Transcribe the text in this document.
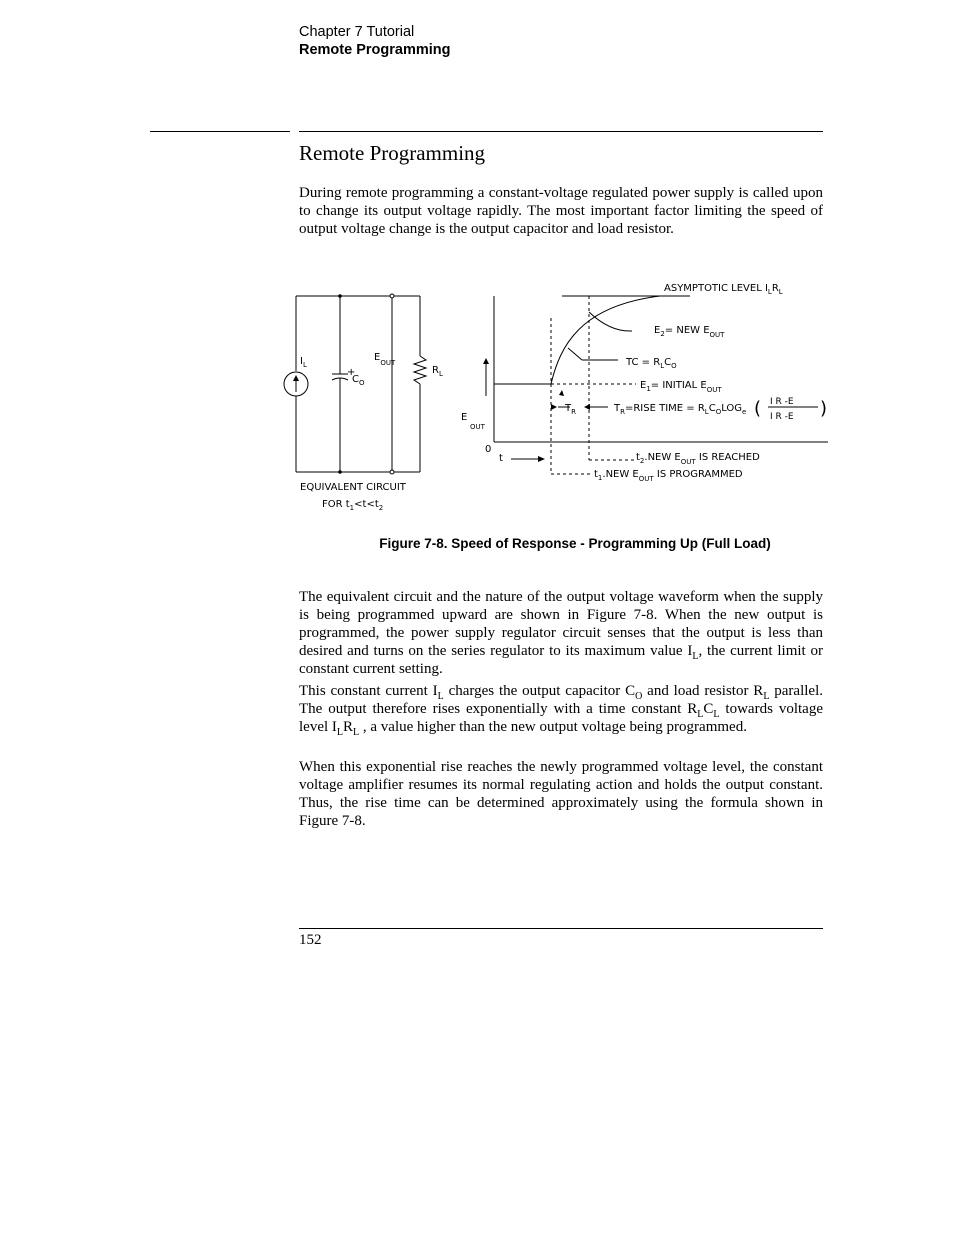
Chapter 7 Tutorial
Remote Programming
Remote Programming
During remote programming a constant-voltage regulated power supply is called upon to change its output voltage rapidly. The most important factor limiting the speed of output voltage change is the output capacitor and load resistor.
$I_L$
+
$C_O$
$E_{OUT}$
$R_L$
EQUIVALENT CIRCUIT
FOR $t_1<t<t_2$
ASYMPTOTIC LEVEL $I_LR_L$
$E_2=$ NEW $E_{OUT}$
TC = $R_LC_O$
$E_1=$ INITIAL $E_{OUT}$
$T_R$	$T_R=RISE$ TIME = $R_LC_OLOG_e$ (	)
I R -E
I R -E
EOUT
0
t	$t_2.NEW$ $E_{OUT}$ IS REACHED
$t_1.NEW$ $E_{OUT}$ IS PROGRAMMED
Figure 7-8. Speed of Response - Programming Up (Full Load)
The equivalent circuit and the nature of the output voltage waveform when the supply is being programmed upward are shown in Figure 7-8. When the new output is programmed, the power supply regulator circuit senses that the output is less than desired and turns on the series regulator to its maximum value $I_L$, the current limit or constant current setting.
This constant current $I_L$ charges the output capacitor $C_O$ and load resistor $R_L$ parallel. The output therefore rises exponentially with a time constant $R_LC_L$ towards voltage level $I_LR_L$ , a value higher than the new output voltage being programmed.
When this exponential rise reaches the newly programmed voltage level, the constant voltage amplifier resumes its normal regulating action and holds the output constant. Thus, the rise time can be determined approximately using the formula shown in Figure 7-8.
152
